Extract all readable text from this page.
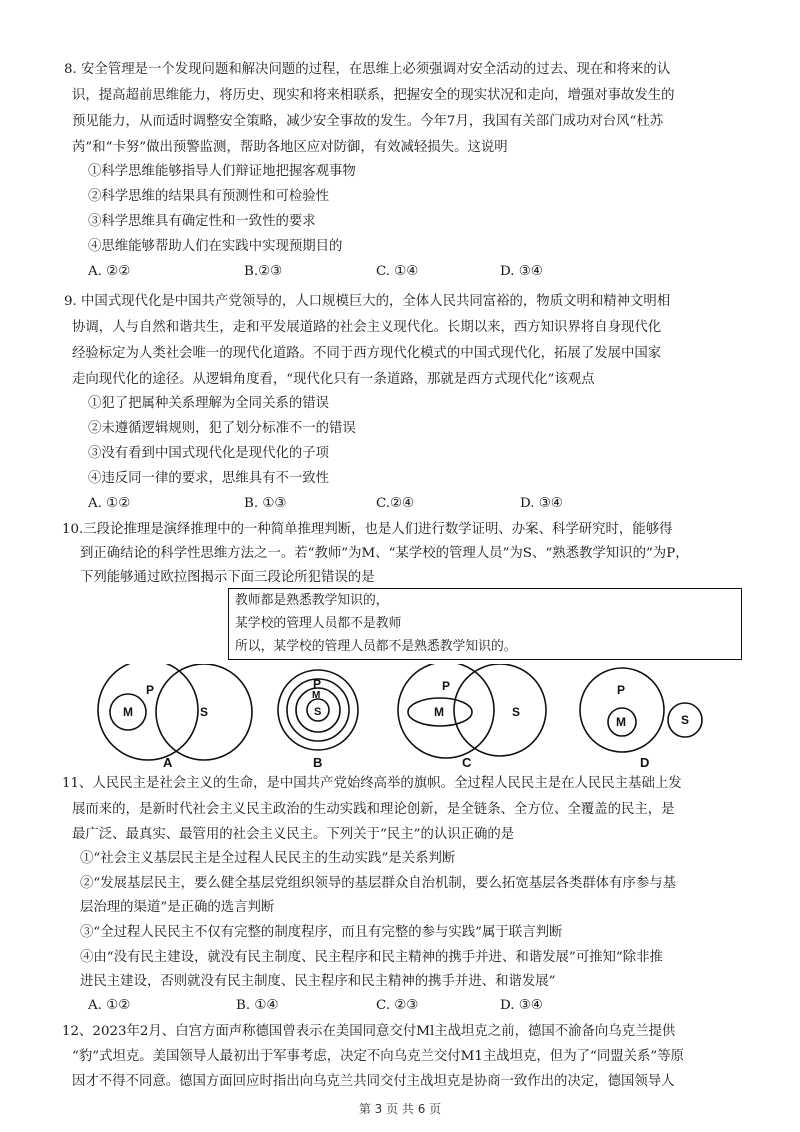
8. 安全管理是一个发现问题和解决问题的过程，在思维上必须强调对安全活动的过去、现在和将来的认
识，提高超前思维能力，将历史、现实和将来相联系，把握安全的现实状况和走向，增强对事故发生的
预见能力，从而适时调整安全策略，减少安全事故的发生。今年7月，我国有关部门成功对台风“杜苏
芮”和“卡努”做出预警监测，帮助各地区应对防御，有效减轻损失。这说明
①科学思维能够指导人们辩证地把握客观事物
②科学思维的结果具有预测性和可检验性
③科学思维具有确定性和一致性的要求
④思维能够帮助人们在实践中实现预期目的
A. ②②	B.②③	C. ①④	D. ③④
9. 中国式现代化是中国共产党领导的，人口规模巨大的，全体人民共同富裕的，物质文明和精神文明相
协调，人与自然和谐共生，走和平发展道路的社会主义现代化。长期以来，西方知识界将自身现代化
经验标定为人类社会唯一的现代化道路。不同于西方现代化模式的中国式现代化，拓展了发展中国家
走向现代化的途径。从逻辑角度看，“现代化只有一条道路，那就是西方式现代化”该观点
①犯了把属种关系理解为全同关系的错误
②未遵循逻辑规则，犯了划分标准不一的错误
③没有看到中国式现代化是现代化的子项
④违反同一律的要求，思维具有不一致性
A. ①②	B. ①③	C.②④	D. ③④
10.三段论推理是演绎推理中的一种简单推理判断，也是人们进行数学证明、办案、科学研究时，能够得
到正确结论的科学性思维方法之一。若“教师”为M、“某学校的管理人员”为S、“熟悉教学知识的”为P，
下列能够通过欧拉图揭示下面三段论所犯错误的是
教师都是熟悉教学知识的，
某学校的管理人员都不是教师
所以，某学校的管理人员都不是熟悉教学知识的。
P
M	S
A
P
M
S
B
P
M	S
C
P
M	S
D
11、人民民主是社会主义的生命，是中国共产党始终高举的旗帜。全过程人民民主是在人民民主基础上发
展而来的，是新时代社会主义民主政治的生动实践和理论创新，是全链条、全方位、全覆盖的民主，是
最广泛、最真实、最管用的社会主义民主。下列关于“民主”的认识正确的是
①“社会主义基层民主是全过程人民民主的生动实践”是关系判断
②“发展基层民主，要么健全基层党组织领导的基层群众自治机制，要么拓宽基层各类群体有序参与基
层治理的渠道”是正确的选言判断
③“全过程人民民主不仅有完整的制度程序，而且有完整的参与实践”属于联言判断
④由“没有民主建设，就没有民主制度、民主程序和民主精神的携手并进、和谐发展”可推知“除非推
进民主建设，否则就没有民主制度、民主程序和民主精神的携手并进、和谐发展”
A. ①②	B. ①④	C. ②③	D. ③④
12、2023年2月、白宫方面声称德国曾表示在美国同意交付Ml主战坦克之前，德国不渝备向乌克兰提供
“豹”式坦克。美国领导人最初出于军事考虑，决定不向乌克兰交付M1主战坦克，但为了“同盟关系”等原
因才不得不同意。德国方面回应时指出向乌克兰共同交付主战坦克是协商一致作出的决定，德国领导人
第 3 页 共 6 页
